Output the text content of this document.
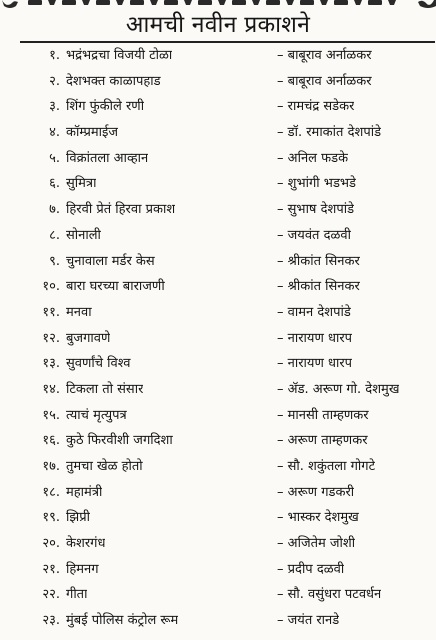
आमची नवीन प्रकाशने
१. भद्रंभद्रचा विजयी टोळा	– बाबूराव अर्नाळकर
२. देशभक्त काळापहाड	– बाबूराव अर्नाळकर
३. शिंग फुंकीले रणी	– रामचंद्र सडेकर
४. कॉम्प्रमाईज	– डॉ. रमाकांत देशपांडे
५. विक्रांतला आव्हान	– अनिल फडके
६. सुमित्रा	– शुभांगी भडभडे
७. हिरवी प्रेतं हिरवा प्रकाश	– सुभाष देशपांडे
८. सोनाली	– जयवंत दळवी
९. चुनावाला मर्डर केस	– श्रीकांत सिनकर
१०. बारा घरच्या बाराजणी	– श्रीकांत सिनकर
११. मनवा	– वामन देशपांडे
१२. बुजगावणे	– नारायण धारप
१३. सुवर्णांचे विश्व	– नारायण धारप
१४. टिकला तो संसार	– ॲड. अरूण गो. देशमुख
१५. त्याचं मृत्युपत्र	– मानसी ताम्हणकर
१६. कुठे फिरवीशी जगदिशा	– अरूण ताम्हणकर
१७. तुमचा खेळ होतो	– सौ. शकुंतला गोगटे
१८. महामंत्री	– अरूण गडकरी
१९. झिप्री	– भास्कर देशमुख
२०. केशरगंध	– अजितेम जोशी
२१. हिमनग	– प्रदीप दळवी
२२. गीता	– सौ. वसुंधरा पटवर्धन
२३. मुंबई पोलिस कंट्रोल रूम	– जयंत रानडे
